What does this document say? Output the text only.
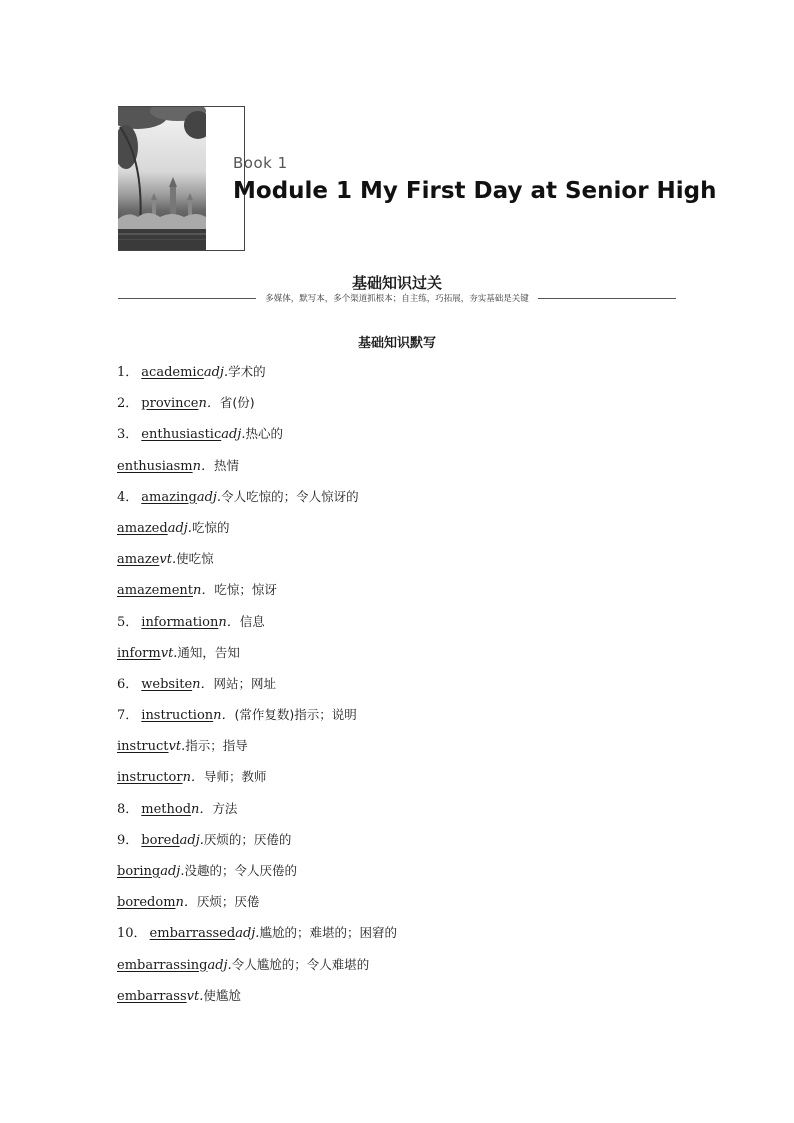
Book 1
Module 1 My First Day at Senior High
基础知识过关
多媒体，默写本，多个渠道抓根本；自主练，巧拓展，夯实基础是关键
基础知识默写
1． academicadj.学术的
2． provincen．省(份)
3． enthusiasticadj.热心的
enthusiasmn．热情
4． amazingadj.令人吃惊的；令人惊讶的
amazedadj.吃惊的
amazevt.使吃惊
amazementn．吃惊；惊讶
5． informationn．信息
informvt.通知，告知
6． websiten．网站；网址
7． instructionn．(常作复数)指示；说明
instructvt.指示；指导
instructorn．导师；教师
8． methodn．方法
9． boredadj.厌烦的；厌倦的
boringadj.没趣的；令人厌倦的
boredomn．厌烦；厌倦
10． embarrassedadj.尴尬的；难堪的；困窘的
embarrassingadj.令人尴尬的；令人难堪的
embarrassvt.使尴尬
